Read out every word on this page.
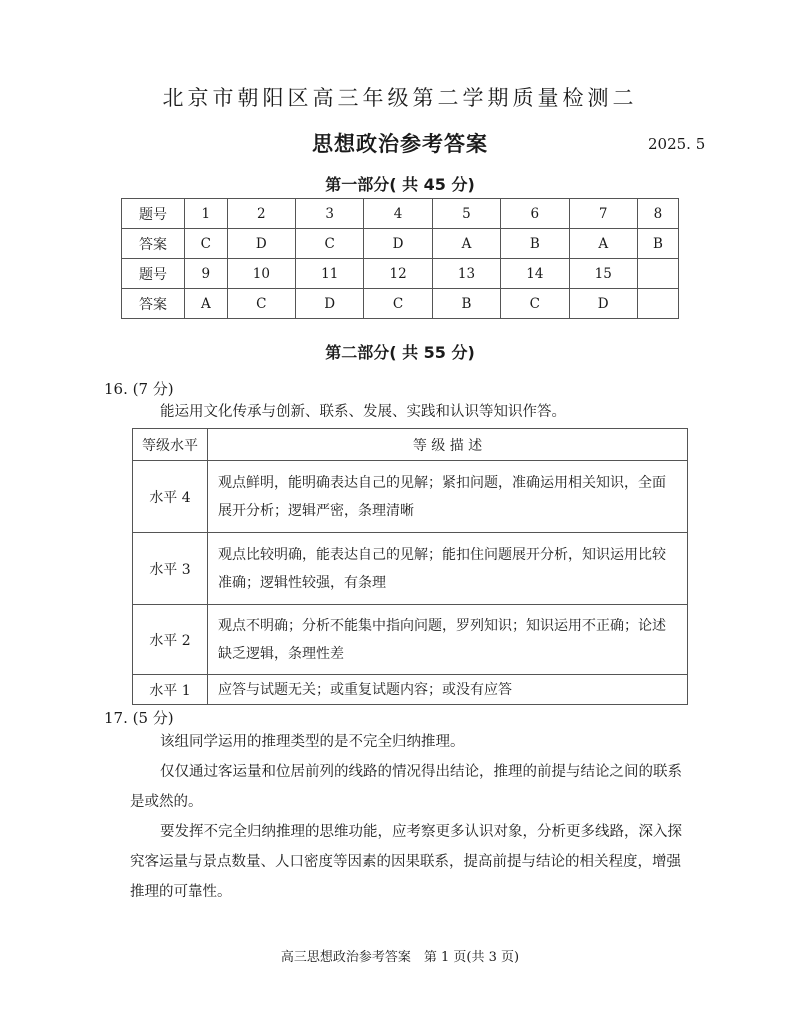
北京市朝阳区高三年级第二学期质量检测二
思想政治参考答案	2025. 5
第一部分( 共 45 分)
题号	1	2	3	4	5	6	7	8
答案	C	D	C	D	A	B	A	B
题号	9	10	11	12	13	14	15	
答案	A	C	D	C	B	C	D	
第二部分( 共 55 分)
16. (7 分)
能运用文化传承与创新、联系、发展、实践和认识等知识作答。
等级水平	等 级 描 述
水平 4	观点鲜明，能明确表达自己的见解；紧扣问题，准确运用相关知识，全面展开分析；逻辑严密，条理清晰
水平 3	观点比较明确，能表达自己的见解；能扣住问题展开分析，知识运用比较准确；逻辑性较强，有条理
水平 2	观点不明确；分析不能集中指向问题，罗列知识；知识运用不正确；论述缺乏逻辑，条理性差
水平 1	应答与试题无关；或重复试题内容；或没有应答
17. (5 分)
该组同学运用的推理类型的是不完全归纳推理。
仅仅通过客运量和位居前列的线路的情况得出结论，推理的前提与结论之间的联系是或然的。
要发挥不完全归纳推理的思维功能，应考察更多认识对象，分析更多线路，深入探究客运量与景点数量、人口密度等因素的因果联系，提高前提与结论的相关程度，增强推理的可靠性。
高三思想政治参考答案　第 1 页(共 3 页)
